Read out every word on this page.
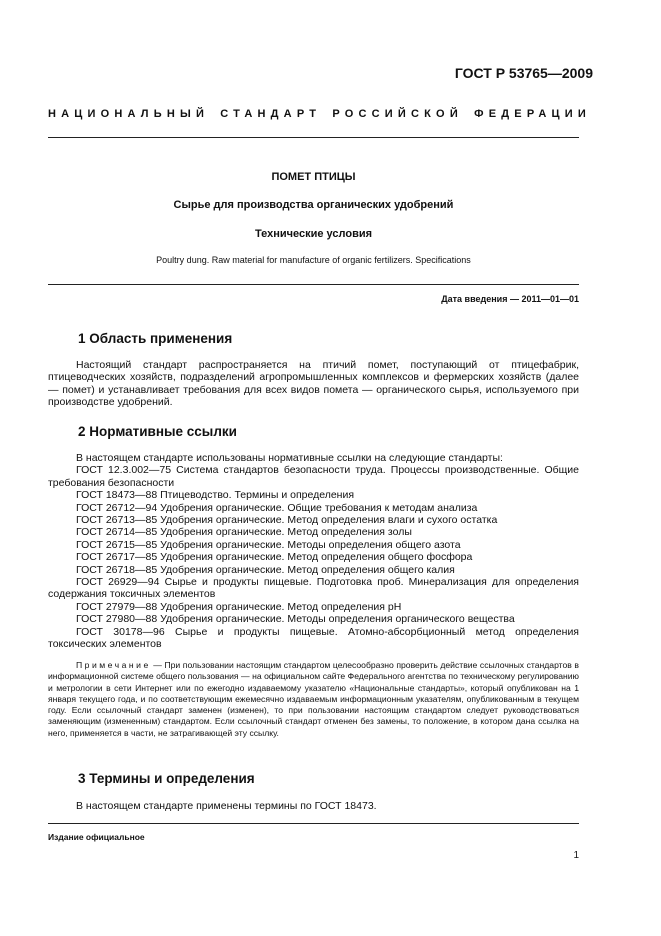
ГОСТ Р 53765—2009
НАЦИОНАЛЬНЫЙ СТАНДАРТ РОССИЙСКОЙ ФЕДЕРАЦИИ
ПОМЕТ ПТИЦЫ
Сырье для производства органических удобрений
Технические условия
Poultry dung. Raw material for manufacture of organic fertilizers. Specifications
Дата введения — 2011—01—01
1 Область применения

Настоящий стандарт распространяется на птичий помет, поступающий от птицефабрик, птицеводческих хозяйств, подразделений агропромышленных комплексов и фермерских хозяйств (далее — помет) и устанавливает требования для всех видов помета — органического сырья, используемого при производстве удобрений.

2 Нормативные ссылки

В настоящем стандарте использованы нормативные ссылки на следующие стандарты:

ГОСТ 12.3.002—75 Система стандартов безопасности труда. Процессы производственные. Общие требования безопасности

ГОСТ 18473—88 Птицеводство. Термины и определения

ГОСТ 26712—94 Удобрения органические. Общие требования к методам анализа

ГОСТ 26713—85 Удобрения органические. Метод определения влаги и сухого остатка

ГОСТ 26714—85 Удобрения органические. Метод определения золы

ГОСТ 26715—85 Удобрения органические. Методы определения общего азота

ГОСТ 26717—85 Удобрения органические. Метод определения общего фосфора

ГОСТ 26718—85 Удобрения органические. Метод определения общего калия

ГОСТ 26929—94 Сырье и продукты пищевые. Подготовка проб. Минерализация для определения содержания токсичных элементов

ГОСТ 27979—88 Удобрения органические. Метод определения pH

ГОСТ 27980—88 Удобрения органические. Методы определения органического вещества

ГОСТ 30178—96 Сырье и продукты пищевые. Атомно-абсорбционный метод определения токсических элементов

Примечание — При пользовании настоящим стандартом целесообразно проверить действие ссылочных стандартов в информационной системе общего пользования — на официальном сайте Федерального агентства по техническому регулированию и метрологии в сети Интернет или по ежегодно издаваемому указателю «Национальные стандарты», который опубликован на 1 января текущего года, и по соответствующим ежемесячно издаваемым информационным указателям, опубликованным в текущем году. Если ссылочный стандарт заменен (изменен), то при пользовании настоящим стандартом следует руководствоваться заменяющим (измененным) стандартом. Если ссылочный стандарт отменен без замены, то положение, в котором дана ссылка на него, применяется в части, не затрагивающей эту ссылку.
3 Термины и определения

В настоящем стандарте применены термины по ГОСТ 18473.

Издание официальное
1
